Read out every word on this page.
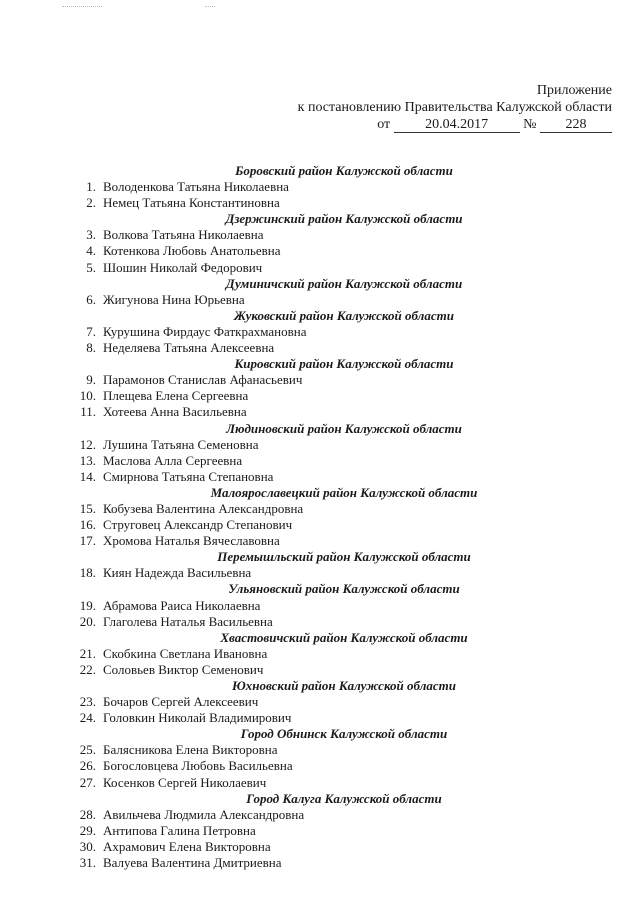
Приложение
к постановлению Правительства Калужской области
от	20.04.2017	№ 228
Боровский район Калужской области
1. Володенкова Татьяна Николаевна
2. Немец Татьяна Константиновна
Дзержинский район Калужской области
3. Волкова Татьяна Николаевна
4. Котенкова Любовь Анатольевна
5. Шошин Николай Федорович
Думиничский район Калужской области
6. Жигунова Нина Юрьевна
Жуковский район Калужской области
7. Курушина Фирдаус Фаткрахмановна
8. Неделяева Татьяна Алексеевна
Кировский район Калужской области
9. Парамонов Станислав Афанасьевич
10. Плещева Елена Сергеевна
11. Хотеева Анна Васильевна
Людиновский район Калужской области
12. Лушина Татьяна Семеновна
13. Маслова Алла Сергеевна
14. Смирнова Татьяна Степановна
Малоярославецкий район Калужской области
15. Кобузева Валентина Александровна
16. Струговец Александр Степанович
17. Хромова Наталья Вячеславовна
Перемышльский район Калужской области
18. Киян Надежда Васильевна
Ульяновский район Калужской области
19. Абрамова Раиса Николаевна
20. Глаголева Наталья Васильевна
Хвастовичский район Калужской области
21. Скобкина Светлана Ивановна
22. Соловьев Виктор Семенович
Юхновский район Калужской области
23. Бочаров Сергей Алексеевич
24. Головкин Николай Владимирович
Город Обнинск Калужской области
25. Балясникова Елена Викторовна
26. Богословцева Любовь Васильевна
27. Косенков Сергей Николаевич
Город Калуга Калужской области
28. Авильчева Людмила Александровна
29. Антипова Галина Петровна
30. Ахрамович Елена Викторовна
31. Валуева Валентина Дмитриевна
